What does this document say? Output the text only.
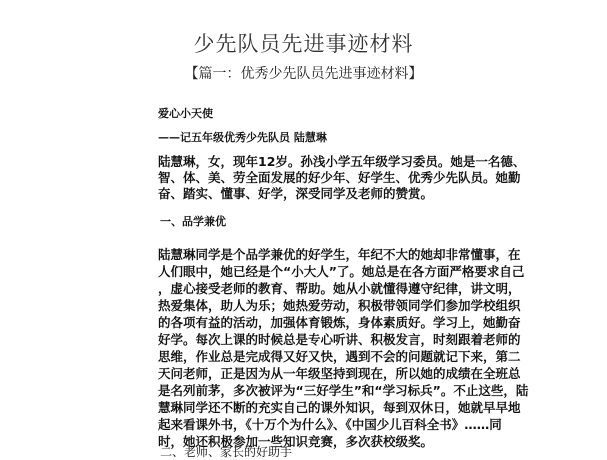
少先队员先进事迹材料
【篇一：优秀少先队员先进事迹材料】
爱心小天使
——记五年级优秀少先队员 陆慧琳
陆慧琳，女，现年12岁。孙浅小学五年级学习委员。她是一名德、
智、体、美、劳全面发展的好少年、好学生、优秀少先队员。她勤
奋、踏实、懂事、好学，深受同学及老师的赞赏。
一、品学兼优
陆慧琳同学是个品学兼优的好学生，年纪不大的她却非常懂事，在
人们眼中，她已经是个“小大人”了。她总是在各方面严格要求自己
，虚心接受老师的教育、帮助。她从小就懂得遵守纪律，讲文明，
热爱集体，助人为乐；她热爱劳动，积极带领同学们参加学校组织
的各项有益的活动，加强体育锻炼，身体素质好。学习上，她勤奋
好学。每次上课的时候总是专心听讲、积极发言，时刻跟着老师的
思维，作业总是完成得又好又快，遇到不会的问题就记下来，第二
天问老师，正是因为从一年级坚持到现在，所以她的成绩在全班总
是名列前茅，多次被评为“三好学生”和“学习标兵”。不止这些，陆
慧琳同学还不断的充实自己的课外知识，每到双休日，她就早早地
起来看课外书，《十万个为什么》、《中国少儿百科全书》……同
时，她还积极参加一些知识竞赛，多次获校级奖。
二、老师、家长的好助手
